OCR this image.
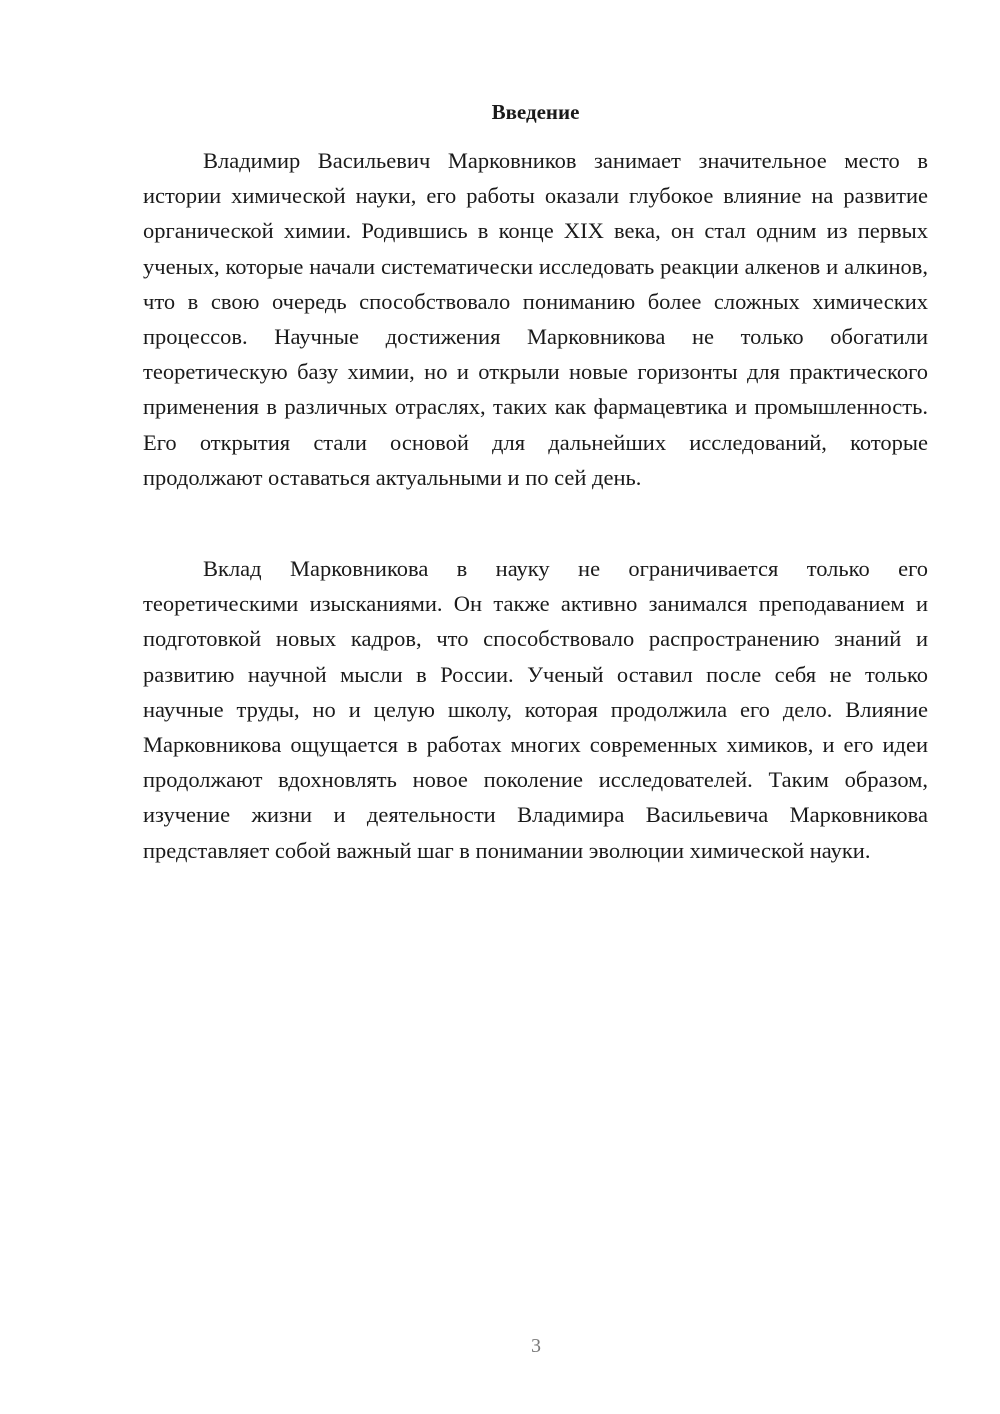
Введение

Владимир Васильевич Марковников занимает значительное место в истории химической науки, его работы оказали глубокое влияние на развитие органической химии. Родившись в конце XIX века, он стал одним из первых ученых, которые начали систематически исследовать реакции алкенов и алкинов, что в свою очередь способствовало пониманию более сложных химических процессов. Научные достижения Марковникова не только обогатили теоретическую базу химии, но и открыли новые горизонты для практического применения в различных отраслях, таких как фармацевтика и промышленность. Его открытия стали основой для дальнейших исследований, которые продолжают оставаться актуальными и по сей день.

Вклад Марковникова в науку не ограничивается только его теоретическими изысканиями. Он также активно занимался преподаванием и подготовкой новых кадров, что способствовало распространению знаний и развитию научной мысли в России. Ученый оставил после себя не только научные труды, но и целую школу, которая продолжила его дело. Влияние Марковникова ощущается в работах многих современных химиков, и его идеи продолжают вдохновлять новое поколение исследователей. Таким образом, изучение жизни и деятельности Владимира Васильевича Марковникова представляет собой важный шаг в понимании эволюции химической науки.

3
